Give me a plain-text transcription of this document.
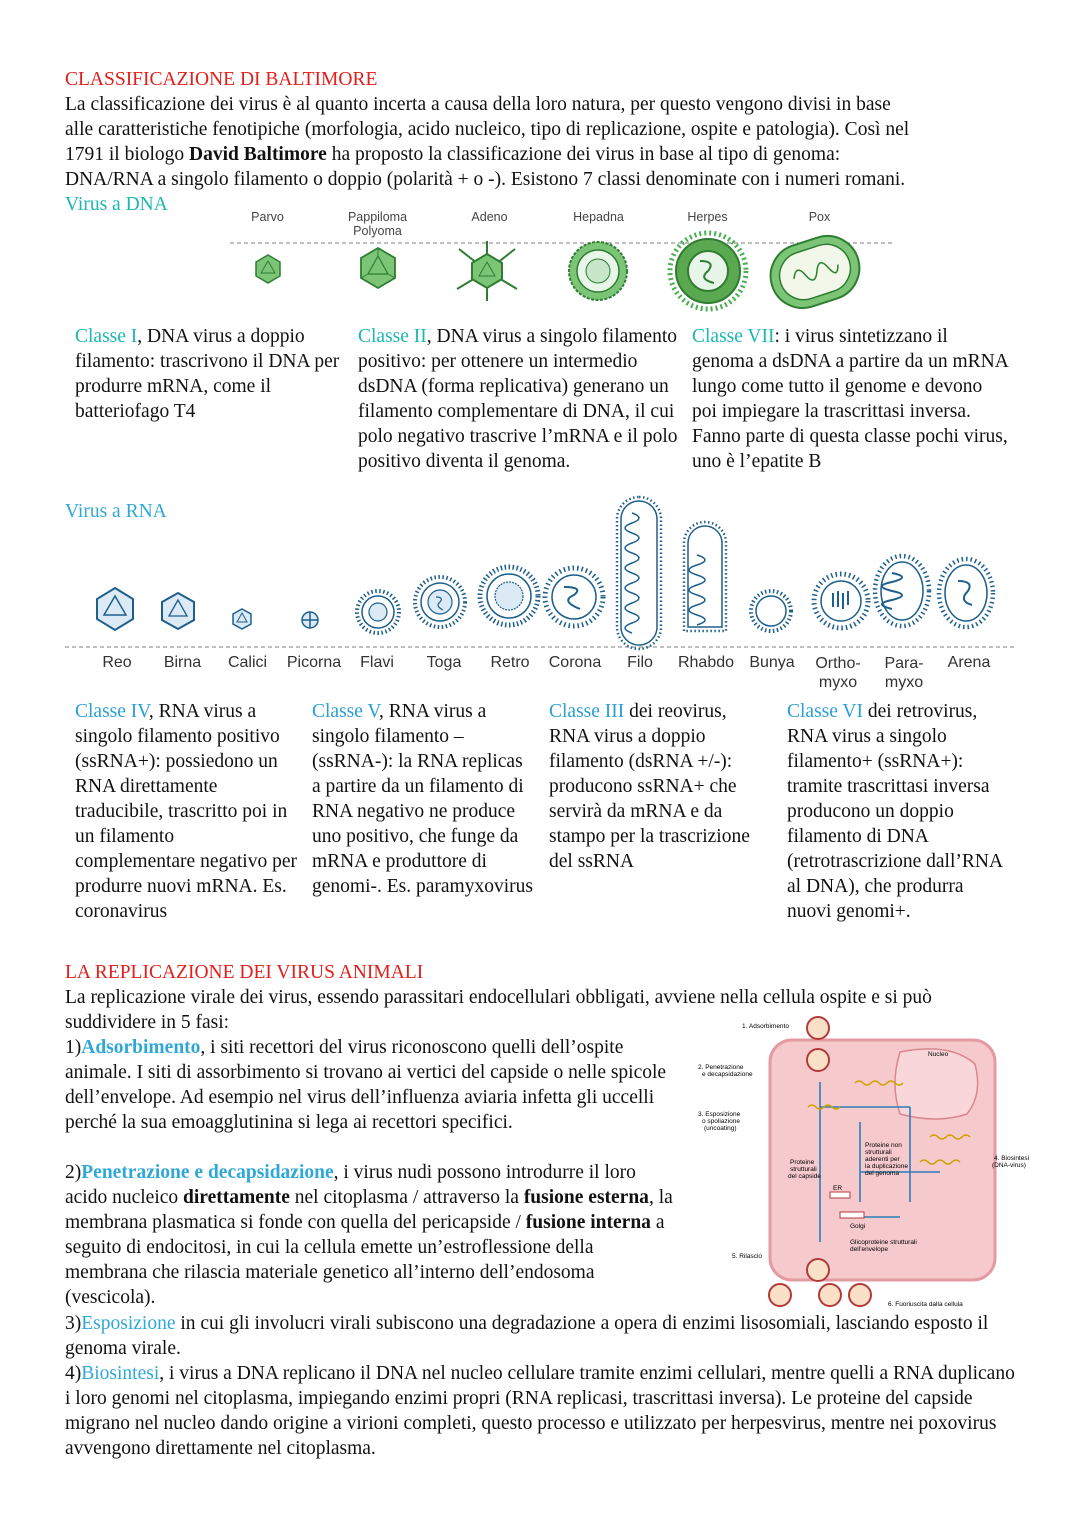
CLASSIFICAZIONE DI BALTIMORE

La classificazione dei virus è al quanto incerta a causa della loro natura, per questo vengono divisi in base

alle caratteristiche fenotipiche (morfologia, acido nucleico, tipo di replicazione, ospite e patologia). Così nel

1791 il biologo David Baltimore ha proposto la classificazione dei virus in base al tipo di genoma:

DNA/RNA a singolo filamento o doppio (polarità + o -). Esistono 7 classi denominate con i numeri romani.

Virus a DNA
Parvo	Pappiloma
Polyoma
Adeno	Hepadna	Herpes	Pox
Classe I, DNA virus a doppio filamento: trascrivono il DNA per produrre mRNA, come il batteriofago T4
Classe II, DNA virus a singolo filamento positivo: per ottenere un intermedio dsDNA (forma replicativa) generano un filamento complementare di DNA, il cui polo negativo trascrive l’mRNA e il polo positivo diventa il genoma.
Classe VII: i virus sintetizzano il genoma a dsDNA a partire da un mRNA lungo come tutto il genome e devono poi impiegare la trascrittasi inversa. Fanno parte di questa classe pochi virus, uno è l’epatite B
Virus a RNA
Reo	Birna	Calici	Picorna	Flavi	Toga	Retro	Corona	Filo	Rhabdo Bunya	Ortho-
myxo
Para-
myxo
Arena
Classe IV, RNA virus a singolo filamento positivo (ssRNA+): possiedono un RNA direttamente traducibile, trascritto poi in un filamento complementare negativo per produrre nuovi mRNA. Es. coronavirus
Classe V, RNA virus a singolo filamento – (ssRNA-): la RNA replicas a partire da un filamento di RNA negativo ne produce uno positivo, che funge da mRNA e produttore di genomi-. Es. paramyxovirus
Classe III dei reovirus, RNA virus a doppio filamento (dsRNA +/-): producono ssRNA+ che servirà da mRNA e da stampo per la trascrizione del ssRNA
Classe VI dei retrovirus, RNA virus a singolo filamento+ (ssRNA+): tramite trascrittasi inversa producono un doppio filamento di DNA (retrotrascrizione dall’RNA al DNA), che produrra nuovi genomi+.
LA REPLICAZIONE DEI VIRUS ANIMALI
La replicazione virale dei virus, essendo parassitari endocellulari obbligati, avviene nella cellula ospite e si può suddividere in 5 fasi:
1)Adsorbimento, i siti recettori del virus riconoscono quelli dell’ospite animale. I siti di assorbimento si trovano ai vertici del capside o nelle spicole dell’envelope. Ad esempio nel virus dell’influenza aviaria infetta gli uccelli perché la sua emoagglutinina si lega ai recettori specifici.
2)Penetrazione e decapsidazione, i virus nudi possono introdurre il loro acido nucleico direttamente nel citoplasma / attraverso la fusione esterna, la membrana plasmatica si fonde con quella del pericapside / fusione interna a seguito di endocitosi, in cui la cellula emette un’estroflessione della membrana che rilascia materiale genetico all’interno dell’endosoma (vescicola).
3)Esposizione in cui gli involucri virali subiscono una degradazione a opera di enzimi lisosomiali, lasciando esposto il genoma virale.
4)Biosintesi, i virus a DNA replicano il DNA nel nucleo cellulare tramite enzimi cellulari, mentre quelli a RNA duplicano i loro genomi nel citoplasma, impiegando enzimi propri (RNA replicasi, trascrittasi inversa). Le proteine del capside migrano nel nucleo dando origine a virioni completi, questo processo e utilizzato per herpesvirus, mentre nei poxovirus avvengono direttamente nel citoplasma.
1. Adsorbimento
2. Penetrazione
e decapsidazione
3. Esposizione
o spoliazione
(uncoating)
4. Biosintesi
(DNA-virus)
5. Rilascio
6. Fuoriuscita dalla cellula
Nucleo
ER
Golgi
Proteine
strutturali
del capside
Proteine non
strutturali
aderenti per
la duplicazione
del genoma
Glicoproteine strutturali
dell’envelope
